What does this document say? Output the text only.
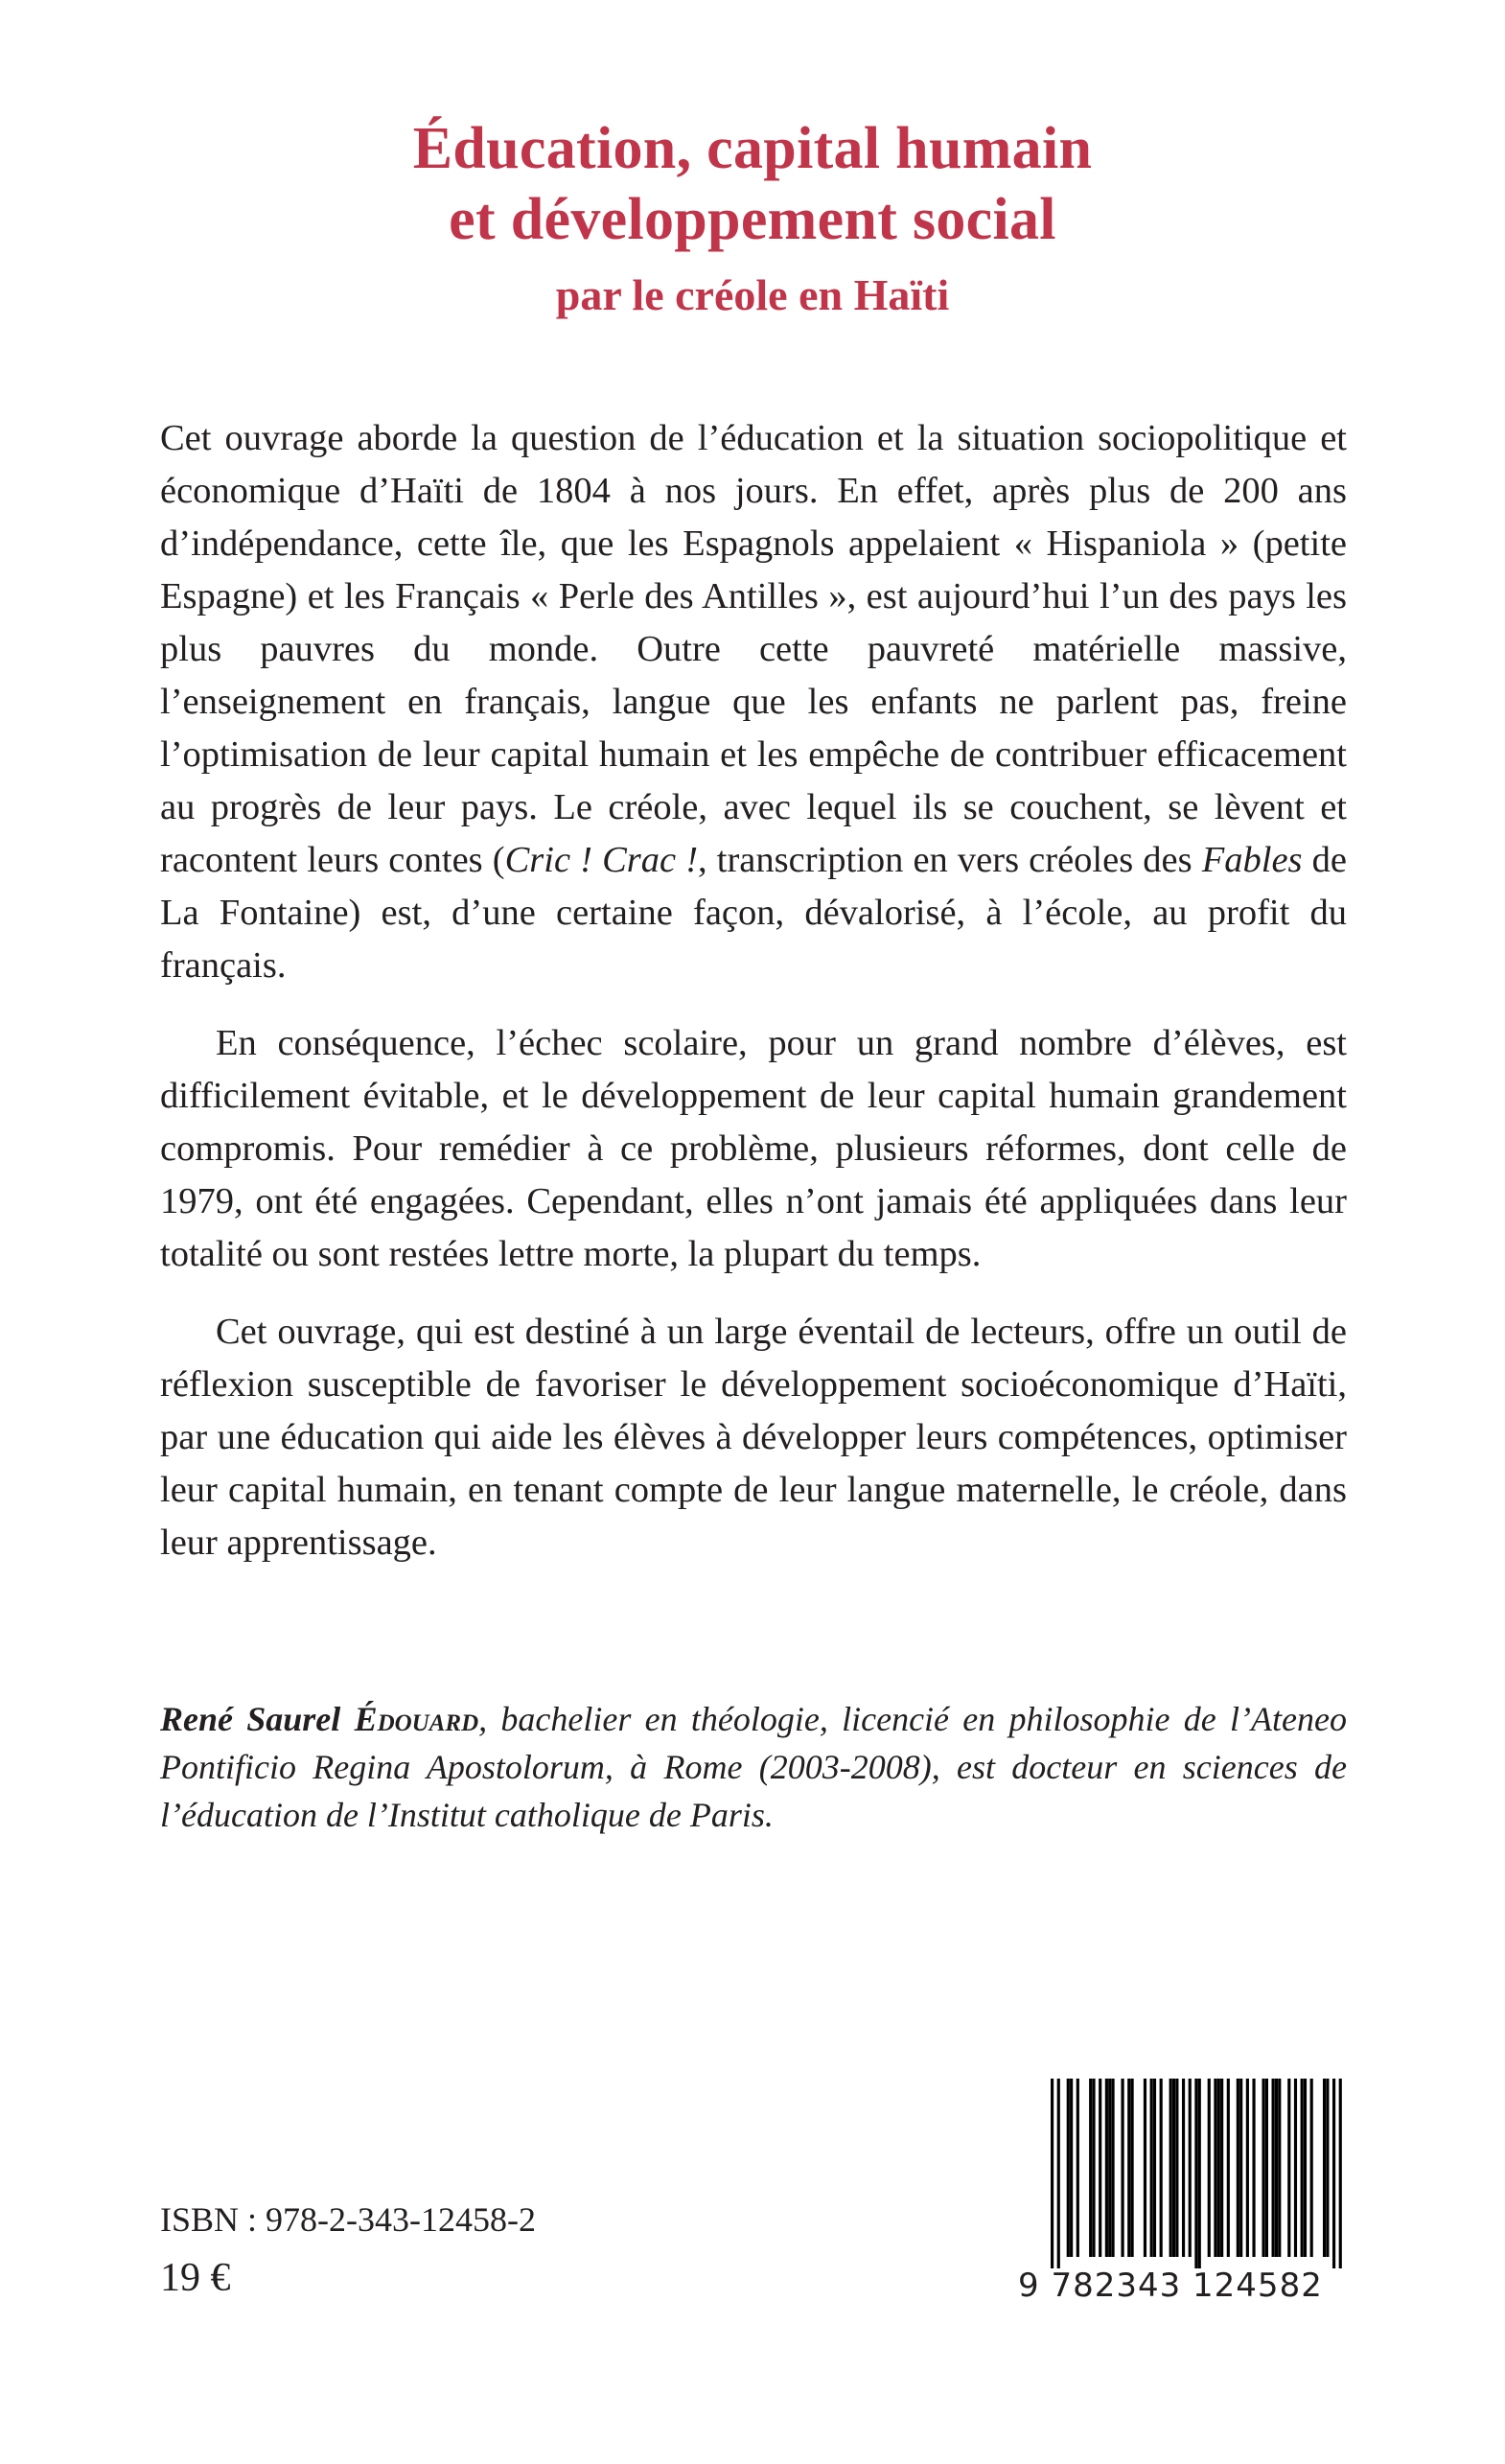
Éducation, capital humain
et développement social
par le créole en Haïti

Cet ouvrage aborde la question de l’éducation et la situation sociopolitique et économique d’Haïti de 1804 à nos jours. En effet, après plus de 200 ans d’indépendance, cette île, que les Espagnols appelaient « Hispaniola » (petite Espagne) et les Français « Perle des Antilles », est aujourd’hui l’un des pays les plus pauvres du monde. Outre cette pauvreté matérielle massive, l’enseignement en français, langue que les enfants ne parlent pas, freine l’optimisation de leur capital humain et les empêche de contribuer efficacement au progrès de leur pays. Le créole, avec lequel ils se couchent, se lèvent et racontent leurs contes (Cric ! Crac !, transcription en vers créoles des Fables de La Fontaine) est, d’une certaine façon, dévalorisé, à l’école, au profit du français.

En conséquence, l’échec scolaire, pour un grand nombre d’élèves, est difficilement évitable, et le développement de leur capital humain grandement compromis. Pour remédier à ce problème, plusieurs réformes, dont celle de 1979, ont été engagées. Cependant, elles n’ont jamais été appliquées dans leur totalité ou sont restées lettre morte, la plupart du temps.

Cet ouvrage, qui est destiné à un large éventail de lecteurs, offre un outil de réflexion susceptible de favoriser le développement socioéconomique d’Haïti, par une éducation qui aide les élèves à développer leurs compétences, optimiser leur capital humain, en tenant compte de leur langue maternelle, le créole, dans leur apprentissage.

René Saurel Édouard, bachelier en théologie, licencié en philosophie de l’Ateneo Pontificio Regina Apostolorum, à Rome (2003-2008), est docteur en sciences de l’éducation de l’Institut catholique de Paris.
ISBN : 978-2-343-12458-2
19 €	9 782343 124582
